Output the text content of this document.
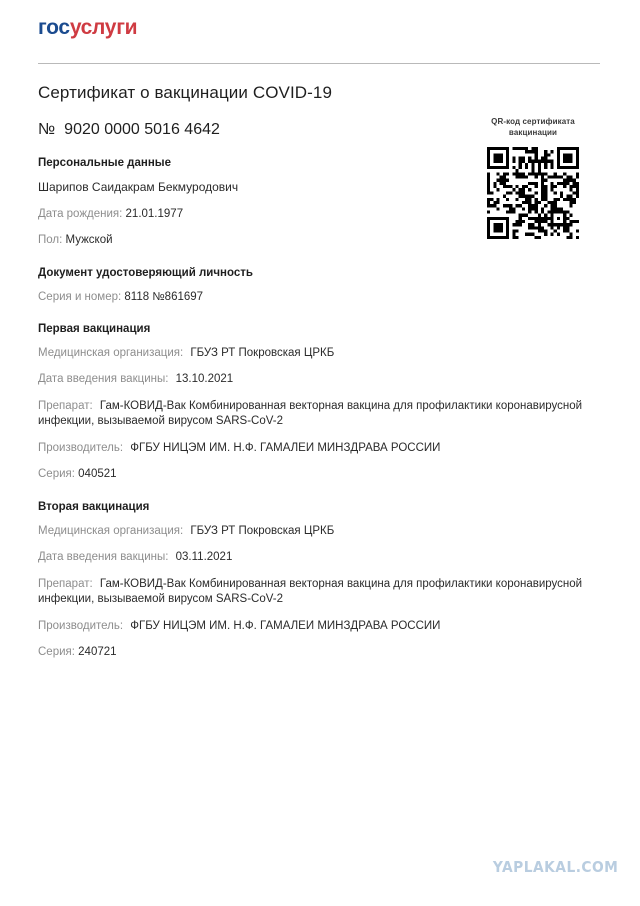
госуслуги
QR-код сертификата
вакцинации
Сертификат о вакцинации COVID-19
№ 9020 0000 5016 4642
Персональные данные
Шарипов Саидакрам Бекмуродович
Дата рождения: 21.01.1977
Пол: Мужской
Документ удостоверяющий личность
Серия и номер: 8118 №861697
Первая вакцинация
Медицинская организация: ГБУЗ РТ Покровская ЦРКБ
Дата введения вакцины: 13.10.2021
Препарат: Гам-КОВИД-Вак Комбинированная векторная вакцина для профилактики коронавирусной инфекции, вызываемой вирусом SARS-CoV-2
Производитель: ФГБУ НИЦЭМ ИМ. Н.Ф. ГАМАЛЕИ МИНЗДРАВА РОССИИ
Серия: 040521
Вторая вакцинация
Медицинская организация: ГБУЗ РТ Покровская ЦРКБ
Дата введения вакцины: 03.11.2021
Препарат: Гам-КОВИД-Вак Комбинированная векторная вакцина для профилактики коронавирусной инфекции, вызываемой вирусом SARS-CoV-2
Производитель: ФГБУ НИЦЭМ ИМ. Н.Ф. ГАМАЛЕИ МИНЗДРАВА РОССИИ
Серия: 240721
YAPLAKAL.COM
